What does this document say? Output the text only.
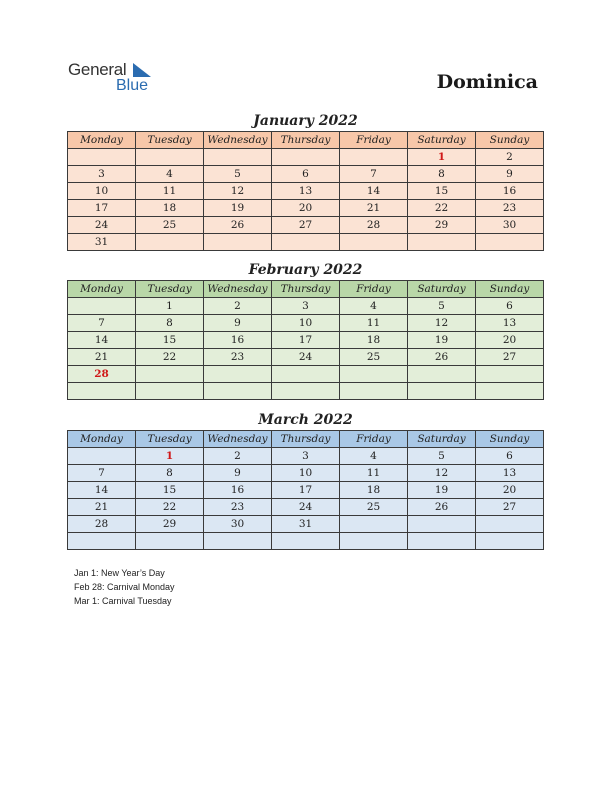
General
Blue	Dominica
January 2022
Monday	Tuesday	Wednesday	Thursday	Friday	Saturday	Sunday
					1	2
3	4	5	6	7	8	9
10	11	12	13	14	15	16
17	18	19	20	21	22	23
24	25	26	27	28	29	30
31						
February 2022
Monday	Tuesday	Wednesday	Thursday	Friday	Saturday	Sunday
	1	2	3	4	5	6
7	8	9	10	11	12	13
14	15	16	17	18	19	20
21	22	23	24	25	26	27
28						

March 2022
Monday	Tuesday	Wednesday	Thursday	Friday	Saturday	Sunday
	1	2	3	4	5	6
7	8	9	10	11	12	13
14	15	16	17	18	19	20
21	22	23	24	25	26	27
28	29	30	31			

Jan 1: New Year’s Day
Feb 28: Carnival Monday
Mar 1: Carnival Tuesday
